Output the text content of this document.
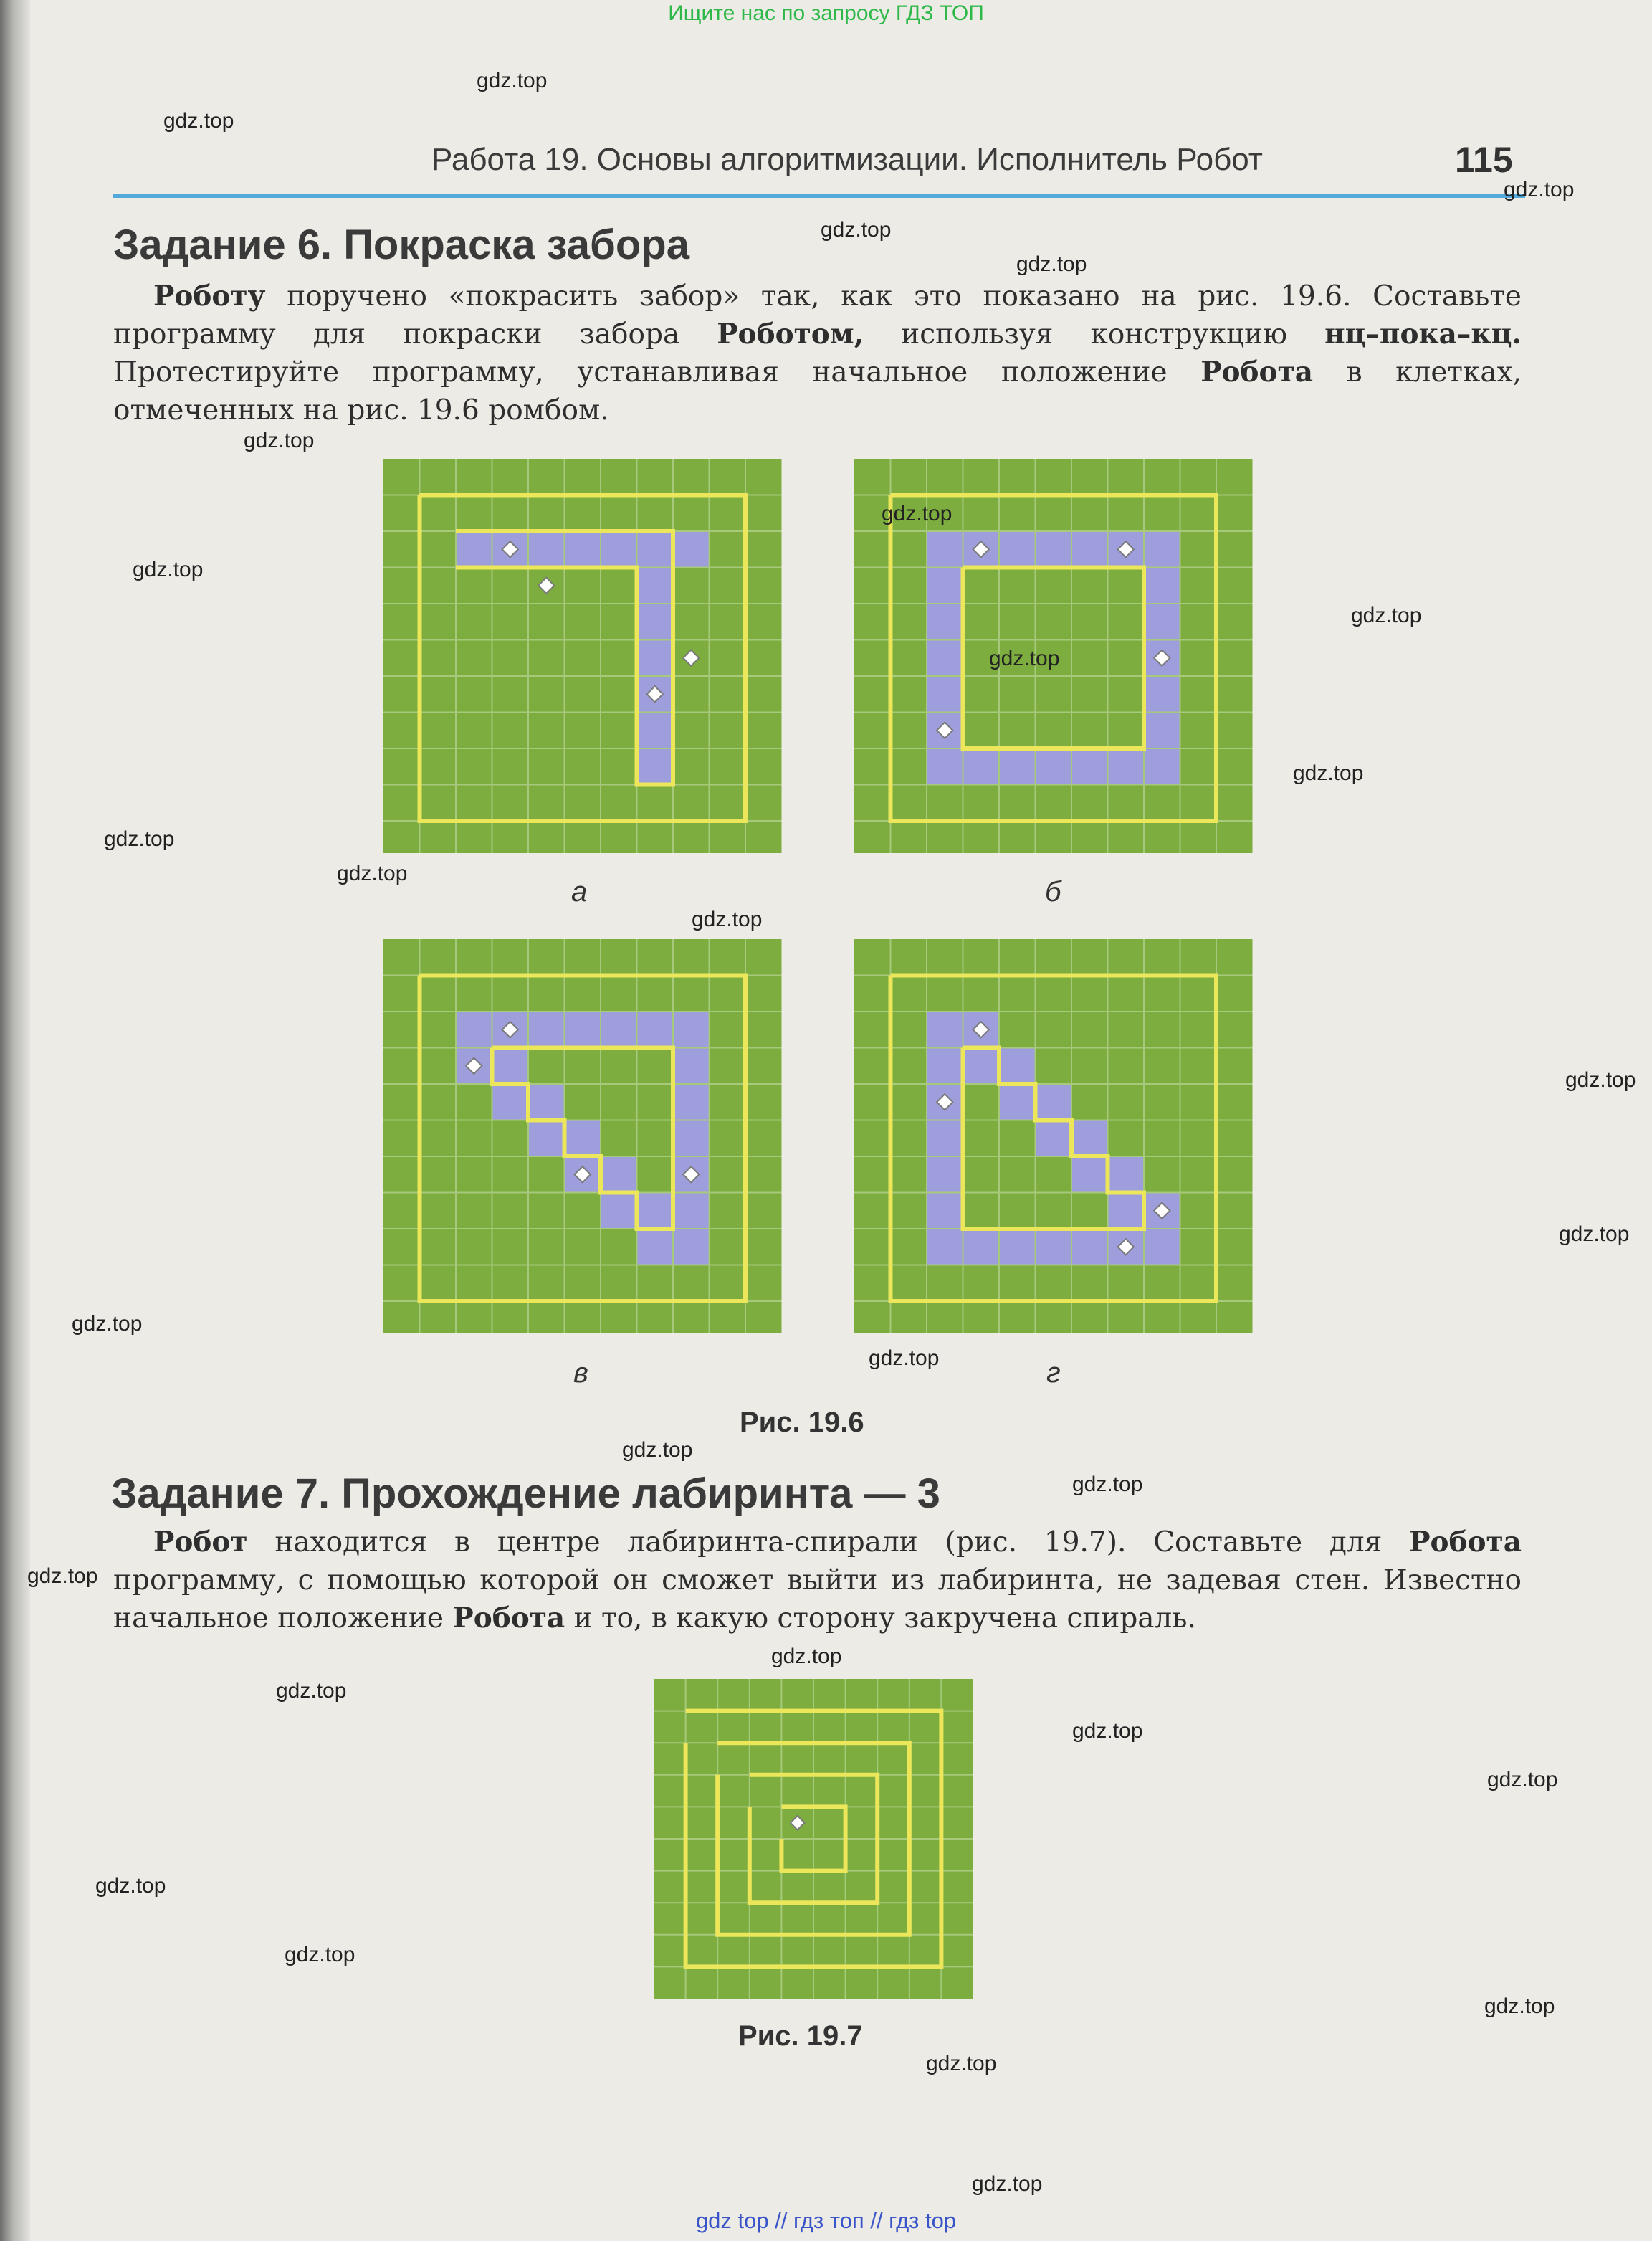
Ищите нас по запросу ГДЗ ТОП
Работа 19. Основы алгоритмизации. Исполнитель Робот	115
Задание 6. Покраска забора
Роботу поручено «покрасить забор» так, как это показано на рис. 19.6. Составьте программу для покраски забора Роботом, используя конструкцию нц–пока–кц. Протестируйте программу, устанавливая начальное положение Робота в клетках, отмеченных на рис. 19.6 ромбом.
а	б
в	г
Рис. 19.6
Задание 7. Прохождение лабиринта — 3
Робот находится в центре лабиринта-спирали (рис. 19.7). Составьте для Робота программу, с помощью которой он сможет выйти из лабиринта, не задевая стен. Известно начальное положение Робота и то, в какую сторону закручена спираль.
Рис. 19.7
gdz.top
gdz.top
gdz.top
gdz.top
gdz.top
gdz.top
gdz.top
gdz.top
gdz.top
gdz.top
gdz.top
gdz.top
gdz.top
gdz.top
gdz.top
gdz.top
gdz.top
gdz.top
gdz.top
gdz.top
gdz.top
gdz.top
gdz.top
gdz.top
gdz.top
gdz.top
gdz.top
gdz.top
gdz.top
gdz.top
gdz top // гдз топ // гдз top
